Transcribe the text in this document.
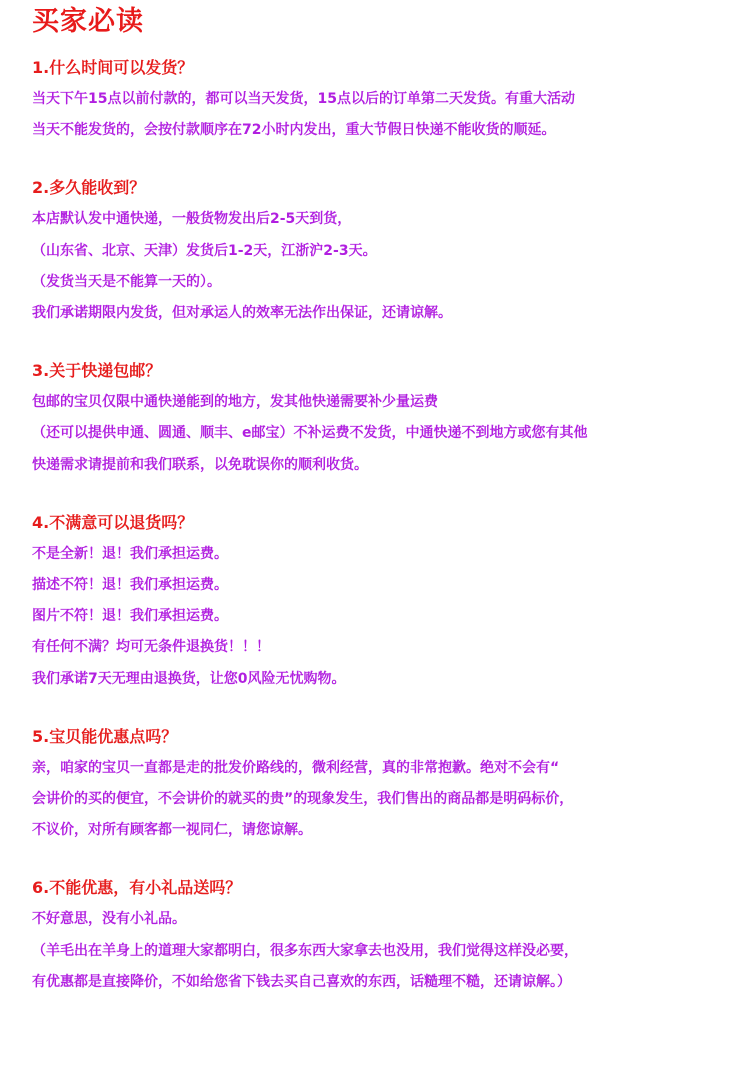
买家必读

1.什么时间可以发货？

当天下午15点以前付款的，都可以当天发货，15点以后的订单第二天发货。有重大活动

当天不能发货的，会按付款顺序在72小时内发出，重大节假日快递不能收货的顺延。

2.多久能收到？

本店默认发中通快递，一般货物发出后2-5天到货，

（山东省、北京、天津）发货后1-2天，江浙沪2-3天。

（发货当天是不能算一天的）。

我们承诺期限内发货，但对承运人的效率无法作出保证，还请谅解。

3.关于快递包邮？

包邮的宝贝仅限中通快递能到的地方，发其他快递需要补少量运费

（还可以提供申通、圆通、顺丰、e邮宝）不补运费不发货，中通快递不到地方或您有其他

快递需求请提前和我们联系，以免耽误你的顺利收货。

4.不满意可以退货吗？

不是全新！退！我们承担运费。

描述不符！退！我们承担运费。

图片不符！退！我们承担运费。

有任何不满？均可无条件退换货！！！

我们承诺7天无理由退换货，让您0风险无忧购物。

5.宝贝能优惠点吗？

亲，咱家的宝贝一直都是走的批发价路线的，微利经营，真的非常抱歉。绝对不会有“

会讲价的买的便宜，不会讲价的就买的贵”的现象发生，我们售出的商品都是明码标价，

不议价，对所有顾客都一视同仁，请您谅解。

6.不能优惠，有小礼品送吗？

不好意思，没有小礼品。

（羊毛出在羊身上的道理大家都明白，很多东西大家拿去也没用，我们觉得这样没必要，

有优惠都是直接降价，不如给您省下钱去买自己喜欢的东西，话糙理不糙，还请谅解。）
